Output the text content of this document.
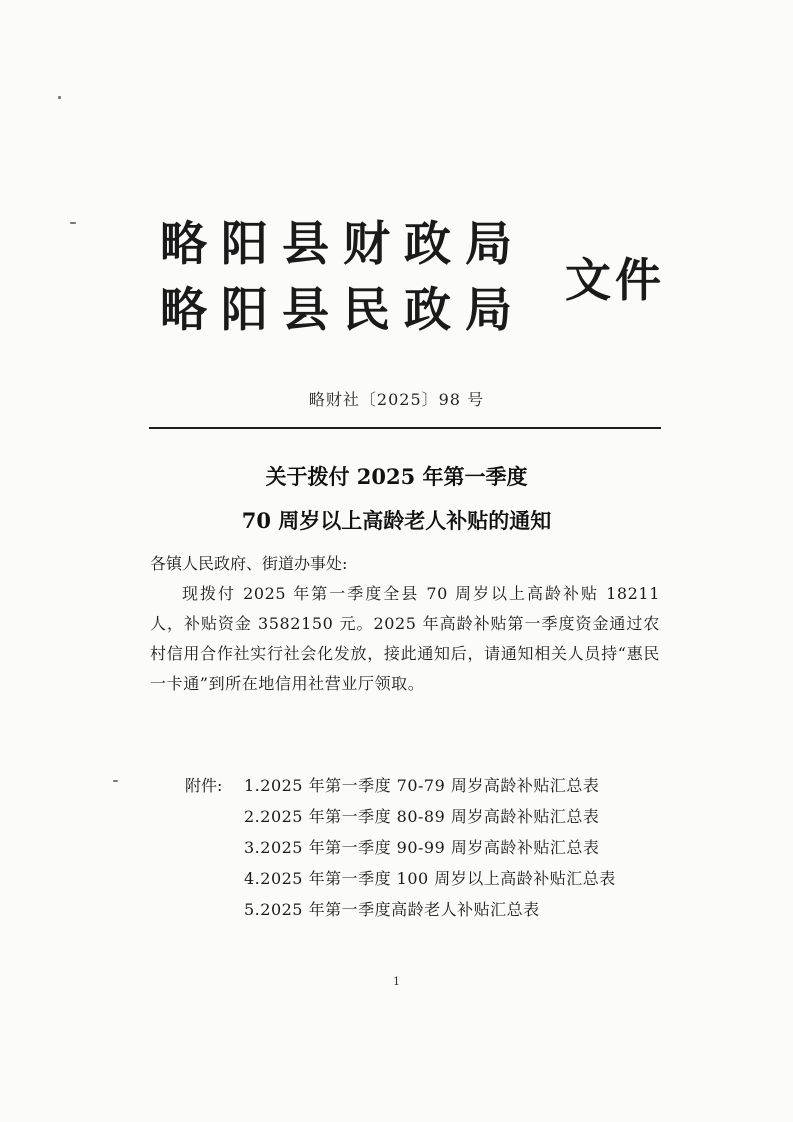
略阳县财政局
略阳县民政局
文件
略财社〔2025〕98 号
关于拨付 2025 年第一季度
70 周岁以上高龄老人补贴的通知

各镇人民政府、街道办事处:

现拨付 2025 年第一季度全县 70 周岁以上高龄补贴 18211 人，补贴资金 3582150 元。2025 年高龄补贴第一季度资金通过农村信用合作社实行社会化发放，接此通知后，请通知相关人员持“惠民一卡通”到所在地信用社营业厅领取。

附件:	1.2025 年第一季度 70-79 周岁高龄补贴汇总表
2.2025 年第一季度 80-89 周岁高龄补贴汇总表
3.2025 年第一季度 90-99 周岁高龄补贴汇总表
4.2025 年第一季度 100 周岁以上高龄补贴汇总表
5.2025 年第一季度高龄老人补贴汇总表
1
